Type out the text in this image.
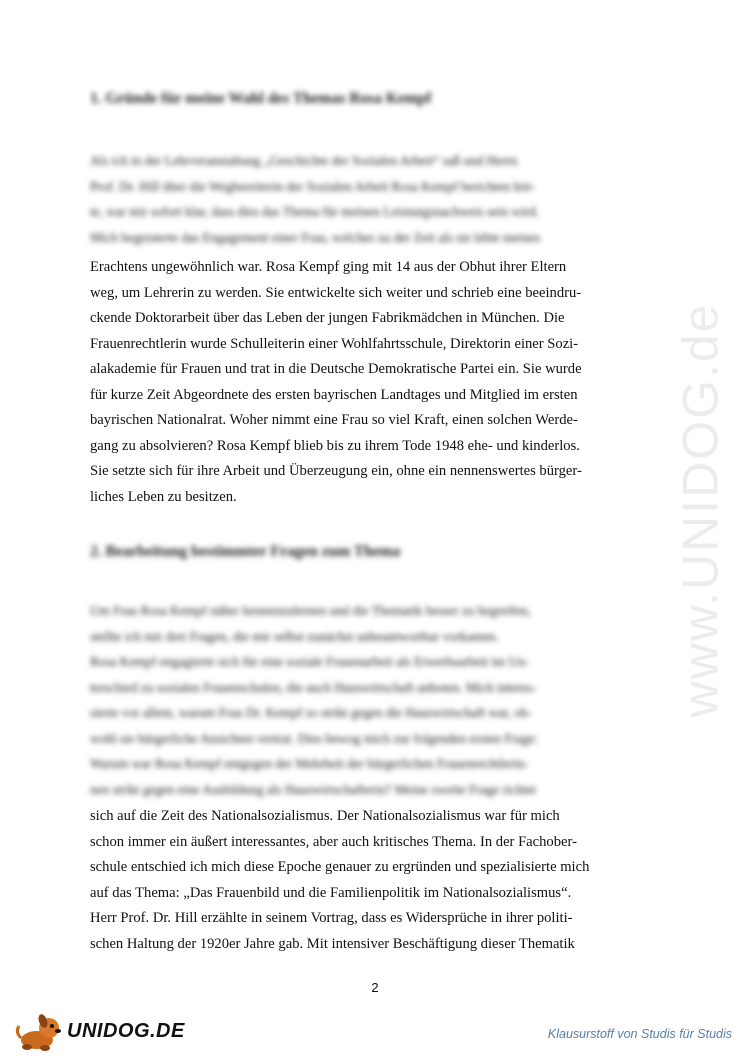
www.UNIDOG.de
1. Gründe für meine Wahl des Themas Rosa Kempf
Als ich in der Lehrveranstaltung „Geschichte der Sozialen Arbeit“ saß und Herrn
Prof. Dr. Hill über die Wegbereiterin der Sozialen Arbeit Rosa Kempf berichten hör-
te, war mir sofort klar, dass dies das Thema für meinen Leistungsnachweis sein wird.
Mich begeisterte das Engagement einer Frau, welches zu der Zeit als sie lebte meines
Erachtens ungewöhnlich war. Rosa Kempf ging mit 14 aus der Obhut ihrer Eltern
weg, um Lehrerin zu werden. Sie entwickelte sich weiter und schrieb eine beeindru-
ckende Doktorarbeit über das Leben der jungen Fabrikmädchen in München. Die
Frauenrechtlerin wurde Schulleiterin einer Wohlfahrtsschule, Direktorin einer Sozi-
alakademie für Frauen und trat in die Deutsche Demokratische Partei ein. Sie wurde
für kurze Zeit Abgeordnete des ersten bayrischen Landtages und Mitglied im ersten
bayrischen Nationalrat. Woher nimmt eine Frau so viel Kraft, einen solchen Werde-
gang zu absolvieren? Rosa Kempf blieb bis zu ihrem Tode 1948 ehe- und kinderlos.
Sie setzte sich für ihre Arbeit und Überzeugung ein, ohne ein nennenswertes bürger-
liches Leben zu besitzen.
2. Bearbeitung bestimmter Fragen zum Thema
Um Frau Rosa Kempf näher kennenzulernen und die Thematik besser zu begreifen,
stellte ich mir drei Fragen, die mir selbst zunächst unbeantwortbar vorkamen.
Rosa Kempf engagierte sich für eine soziale Frauenarbeit als Erwerbsarbeit im Un-
terschied zu sozialen Frauenschulen, die auch Hauswirtschaft anboten. Mich interes-
sierte vor allem, warum Frau Dr. Kempf so strikt gegen die Hauswirtschaft war, ob-
wohl sie bürgerliche Ansichten vertrat. Dies bewog mich zur folgenden ersten Frage:
Warum war Rosa Kempf entgegen der Mehrheit der bürgerlichen Frauenrechtlerin-
nen strikt gegen eine Ausbildung als Hauswirtschafterin? Meine zweite Frage richtet
sich auf die Zeit des Nationalsozialismus. Der Nationalsozialismus war für mich
schon immer ein äußert interessantes, aber auch kritisches Thema. In der Fachober-
schule entschied ich mich diese Epoche genauer zu ergründen und spezialisierte mich
auf das Thema: „Das Frauenbild und die Familienpolitik im Nationalsozialismus“.
Herr Prof. Dr. Hill erzählte in seinem Vortrag, dass es Widersprüche in ihrer politi-
schen Haltung der 1920er Jahre gab. Mit intensiver Beschäftigung dieser Thematik
2
UNIDOG.DE	Klausurstoff von Studis für Studis
